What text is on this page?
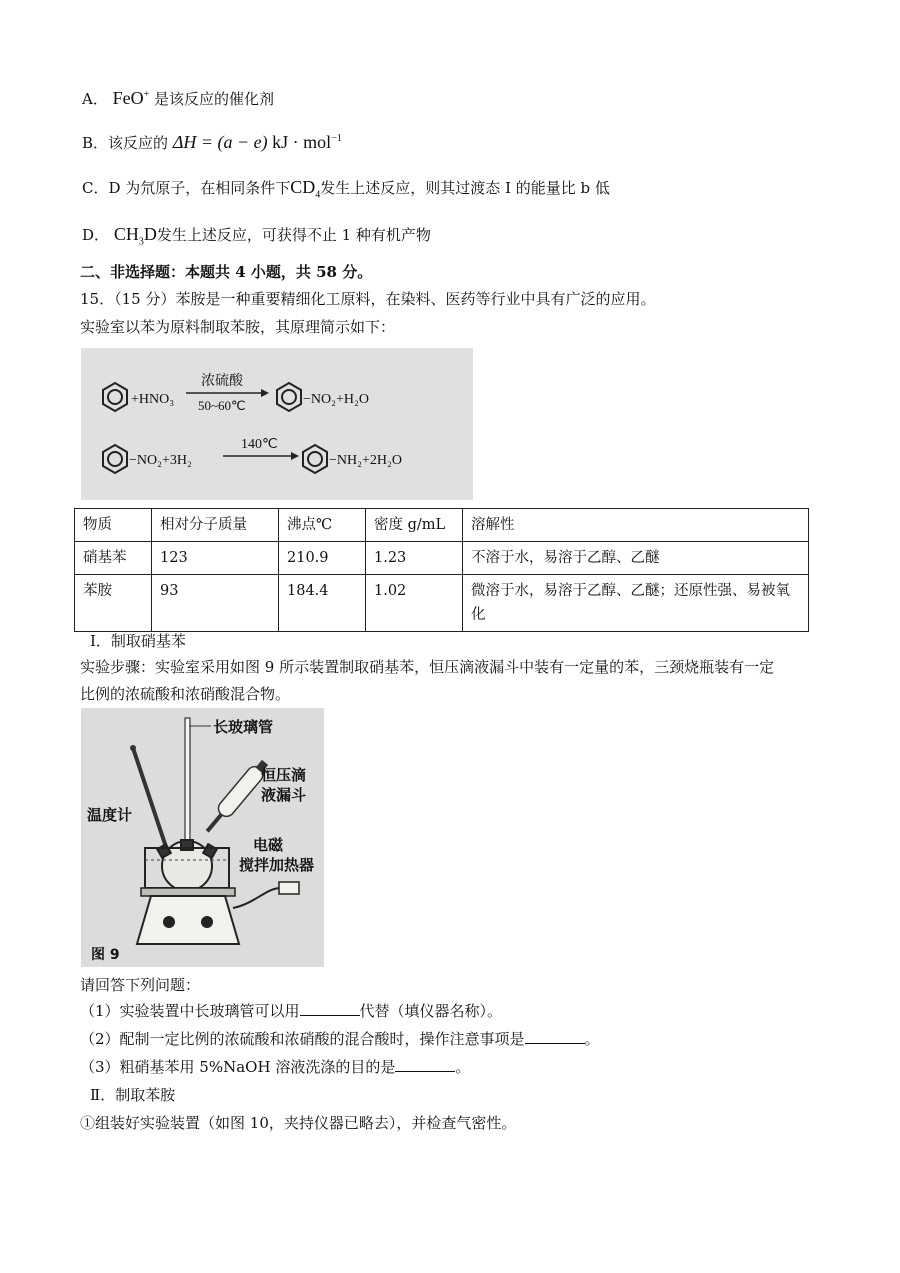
A． FeO+ 是该反应的催化剂
B．该反应的 ΔH = (a − e) kJ · mol$^{-1}$
C．D 为氘原子，在相同条件下$CD_4$发生上述反应，则其过渡态 I 的能量比 b 低
D． $CH_3D$发生上述反应，可获得不止 1 种有机产物
二、非选择题：本题共 4 小题，共 58 分。
15．（15 分）苯胺是一种重要精细化工原料，在染料、医药等行业中具有广泛的应用。
实验室以苯为原料制取苯胺，其原理简示如下：
+HNO₃
浓硫酸
50~60℃	−NO₂+H₂O
−NO₂+3H₂
140℃
−NH₂+2H₂O
物质	相对分子质量	沸点℃	密度 g/mL	溶解性
硝基苯	123	210.9	1.23	不溶于水，易溶于乙醇、乙醚
苯胺	93	184.4	1.02	微溶于水，易溶于乙醇、乙醚；还原性强、易被氧化
Ⅰ．制取硝基苯
实验步骤：实验室采用如图 9 所示装置制取硝基苯，恒压滴液漏斗中装有一定量的苯，三颈烧瓶装有一定
比例的浓硫酸和浓硝酸混合物。
长玻璃管
温度计
恒压滴
液漏斗
电磁
搅拌加热器
图 9
请回答下列问题：
（1）实验装置中长玻璃管可以用	代替（填仪器名称）。
（2）配制一定比例的浓硫酸和浓硝酸的混合酸时，操作注意事项是	。
（3）粗硝基苯用 5%NaOH 溶液洗涤的目的是	。
Ⅱ．制取苯胺
①组装好实验装置（如图 10，夹持仪器已略去），并检查气密性。
